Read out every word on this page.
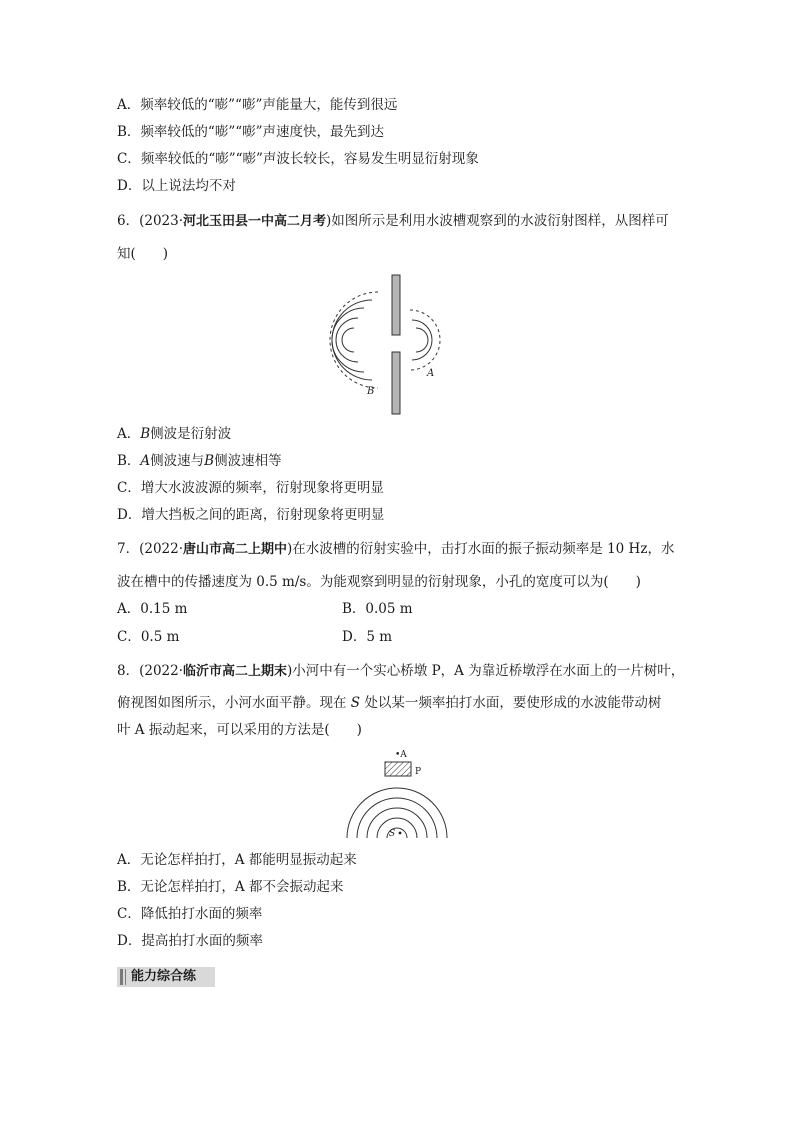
A．频率较低的“嘭”“嘭”声能量大，能传到很远
B．频率较低的“嘭”“嘭”声速度快，最先到达
C．频率较低的“嘭”“嘭”声波长较长，容易发生明显衍射现象
D．以上说法均不对
6．(2023·河北玉田县一中高二月考)如图所示是利用水波槽观察到的水波衍射图样，从图样可
知(　　)
B
A
A．B侧波是衍射波
B．A侧波速与B侧波速相等
C．增大水波波源的频率，衍射现象将更明显
D．增大挡板之间的距离，衍射现象将更明显
7．(2022·唐山市高二上期中)在水波槽的衍射实验中，击打水面的振子振动频率是 10 Hz，水
波在槽中的传播速度为 0.5 m/s。为能观察到明显的衍射现象，小孔的宽度可以为(　　)
A．0.15 m	B．0.05 m
C．0.5 m	D．5 m
8．(2022·临沂市高二上期末)小河中有一个实心桥墩 P，A 为靠近桥墩浮在水面上的一片树叶，
俯视图如图所示，小河水面平静。现在 S 处以某一频率拍打水面，要使形成的水波能带动树
叶 A 振动起来，可以采用的方法是(　　)
•A
P
S
A．无论怎样拍打，A 都能明显振动起来
B．无论怎样拍打，A 都不会振动起来
C．降低拍打水面的频率
D．提高拍打水面的频率
能力综合练
